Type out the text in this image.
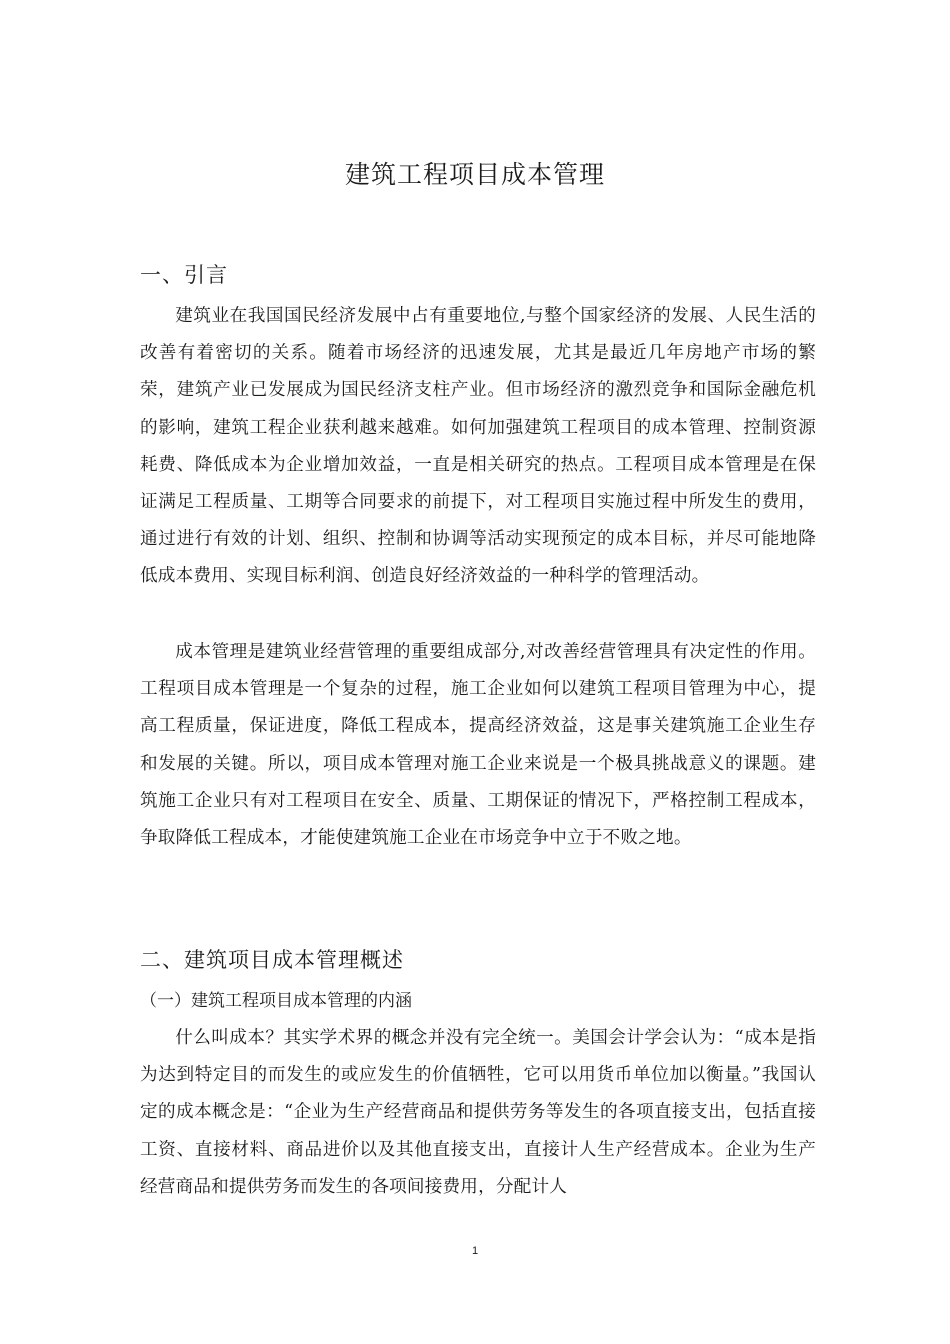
建筑工程项目成本管理
一、引言
建筑业在我国国民经济发展中占有重要地位,与整个国家经济的发展、人民生活的改善有着密切的关系。随着市场经济的迅速发展，尤其是最近几年房地产市场的繁荣，建筑产业已发展成为国民经济支柱产业。但市场经济的激烈竞争和国际金融危机的影响，建筑工程企业获利越来越难。如何加强建筑工程项目的成本管理、控制资源耗费、降低成本为企业增加效益，一直是相关研究的热点。工程项目成本管理是在保证满足工程质量、工期等合同要求的前提下，对工程项目实施过程中所发生的费用，通过进行有效的计划、组织、控制和协调等活动实现预定的成本目标，并尽可能地降低成本费用、实现目标利润、创造良好经济效益的一种科学的管理活动。
成本管理是建筑业经营管理的重要组成部分,对改善经营管理具有决定性的作用。工程项目成本管理是一个复杂的过程，施工企业如何以建筑工程项目管理为中心，提高工程质量，保证进度，降低工程成本，提高经济效益，这是事关建筑施工企业生存和发展的关键。所以，项目成本管理对施工企业来说是一个极具挑战意义的课题。建筑施工企业只有对工程项目在安全、质量、工期保证的情况下，严格控制工程成本，争取降低工程成本，才能使建筑施工企业在市场竞争中立于不败之地。
二、建筑项目成本管理概述
（一）建筑工程项目成本管理的内涵
什么叫成本？其实学术界的概念并没有完全统一。美国会计学会认为：“成本是指为达到特定目的而发生的或应发生的价值牺牲，它可以用货币单位加以衡量。”我国认定的成本概念是：“企业为生产经营商品和提供劳务等发生的各项直接支出，包括直接工资、直接材料、商品进价以及其他直接支出，直接计人生产经营成本。企业为生产经营商品和提供劳务而发生的各项间接费用，分配计人
1
